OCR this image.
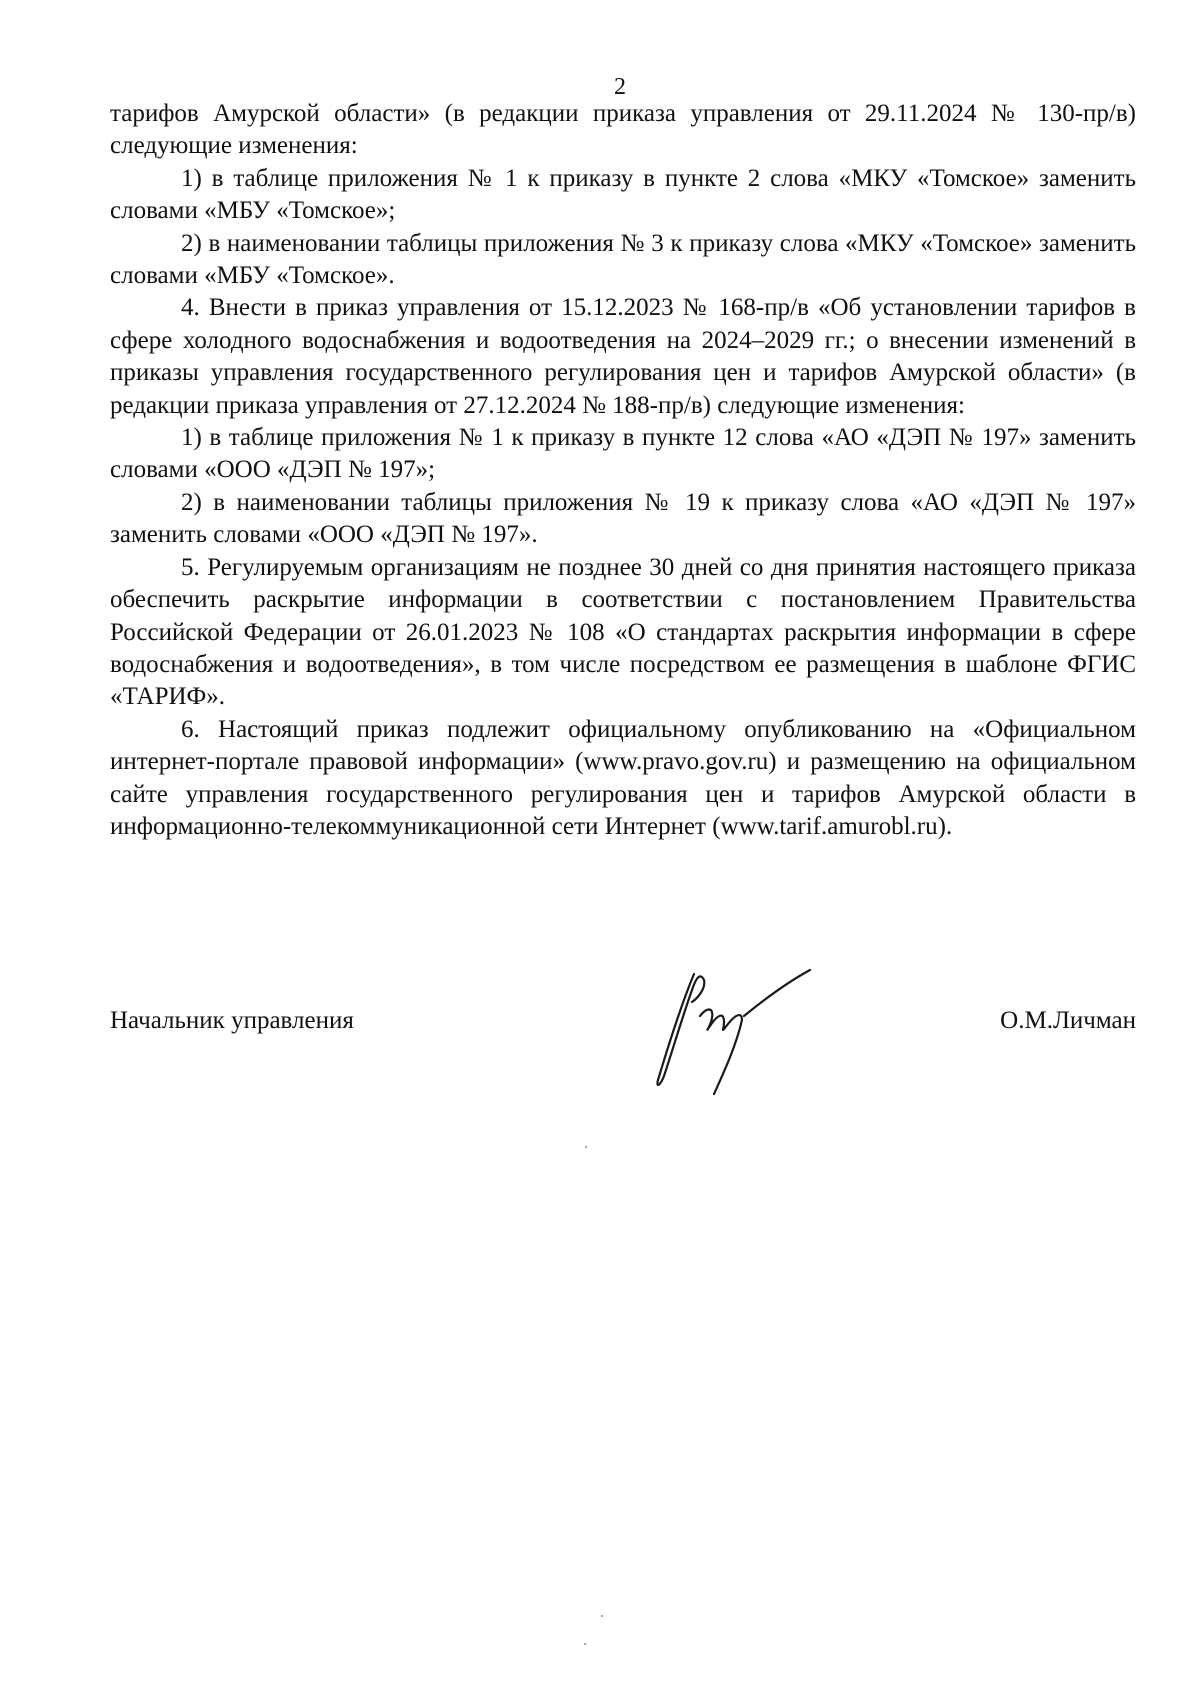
2

тарифов Амурской области» (в редакции приказа управления от 29.11.2024 № 130-пр/в) следующие изменения:

1) в таблице приложения № 1 к приказу в пункте 2 слова «МКУ «Томское» заменить словами «МБУ «Томское»;

2) в наименовании таблицы приложения № 3 к приказу слова «МКУ «Томское» заменить словами «МБУ «Томское».

4. Внести в приказ управления от 15.12.2023 № 168-пр/в «Об установлении тарифов в сфере холодного водоснабжения и водоотведения на 2024–2029 гг.; о внесении изменений в приказы управления государственного регулирования цен и тарифов Амурской области» (в редакции приказа управления от 27.12.2024 № 188-пр/в) следующие изменения:

1) в таблице приложения № 1 к приказу в пункте 12 слова «АО «ДЭП № 197» заменить словами «ООО «ДЭП № 197»;

2) в наименовании таблицы приложения № 19 к приказу слова «АО «ДЭП № 197» заменить словами «ООО «ДЭП № 197».

5. Регулируемым организациям не позднее 30 дней со дня принятия настоящего приказа обеспечить раскрытие информации в соответствии с постановлением Правительства Российской Федерации от 26.01.2023 № 108 «О стандартах раскрытия информации в сфере водоснабжения и водоотведения», в том числе посредством ее размещения в шаблоне ФГИС «ТАРИФ».

6. Настоящий приказ подлежит официальному опубликованию на «Официальном интернет-портале правовой информации» (www.pravo.gov.ru) и размещению на официальном сайте управления государственного регулирования цен и тарифов Амурской области в информационно-телекоммуникационной сети Интернет (www.tarif.amurobl.ru).

Начальник управления	О.М.Личман
